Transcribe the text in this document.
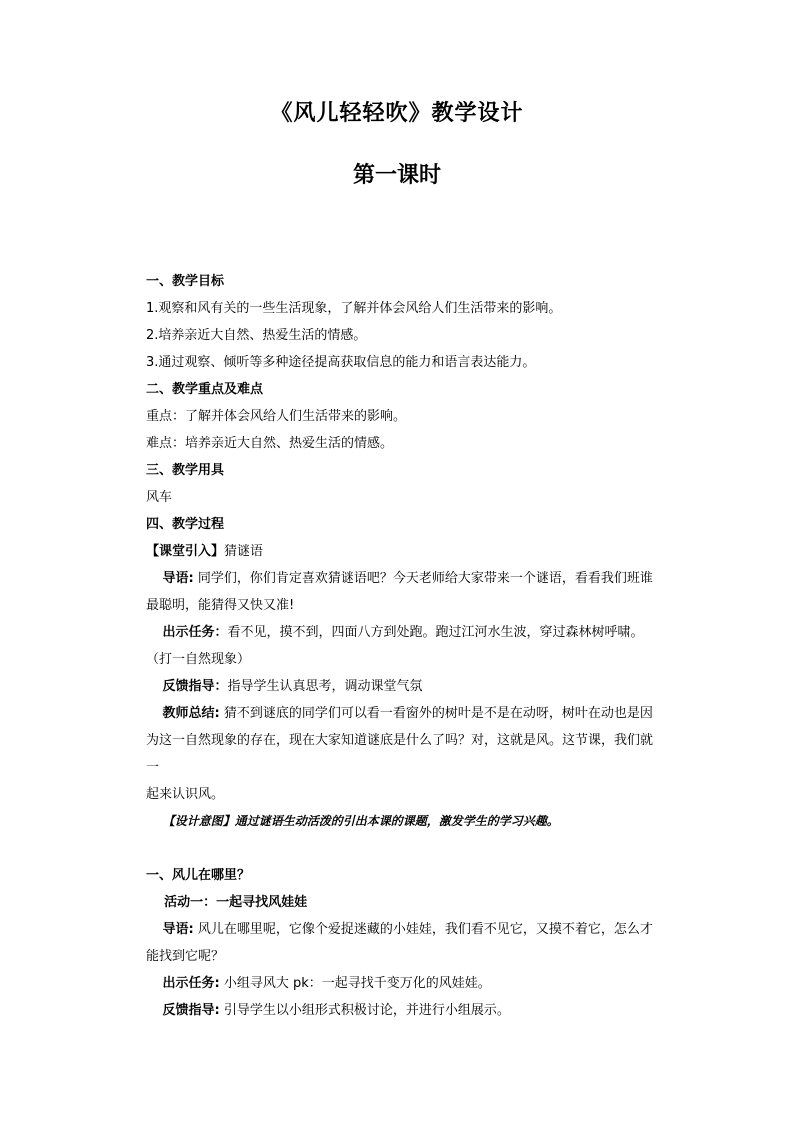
《风儿轻轻吹》教学设计
第一课时

一、教学目标

1.观察和风有关的一些生活现象，了解并体会风给人们生活带来的影响。

2.培养亲近大自然、热爱生活的情感。

3.通过观察、倾听等多种途径提高获取信息的能力和语言表达能力。

二、教学重点及难点

重点：了解并体会风给人们生活带来的影响。

难点：培养亲近大自然、热爱生活的情感。

三、教学用具

风车

四、教学过程

【课堂引入】猜谜语

导语: 同学们，你们肯定喜欢猜谜语吧？今天老师给大家带来一个谜语，看看我们班谁

最聪明，能猜得又快又准!

出示任务：看不见，摸不到，四面八方到处跑。跑过江河水生波，穿过森林树呼啸。

（打一自然现象）

反馈指导：指导学生认真思考，调动课堂气氛

教师总结: 猜不到谜底的同学们可以看一看窗外的树叶是不是在动呀，树叶在动也是因

为这一自然现象的存在，现在大家知道谜底是什么了吗？对，这就是风。这节课，我们就一

起来认识风。

【设计意图】通过谜语生动活泼的引出本课的课题，激发学生的学习兴趣。

一、风儿在哪里？

活动一：一起寻找风娃娃

导语: 风儿在哪里呢，它像个爱捉迷藏的小娃娃，我们看不见它，又摸不着它，怎么才

能找到它呢？

出示任务: 小组寻风大 pk：一起寻找千变万化的风娃娃。

反馈指导: 引导学生以小组形式积极讨论，并进行小组展示。
